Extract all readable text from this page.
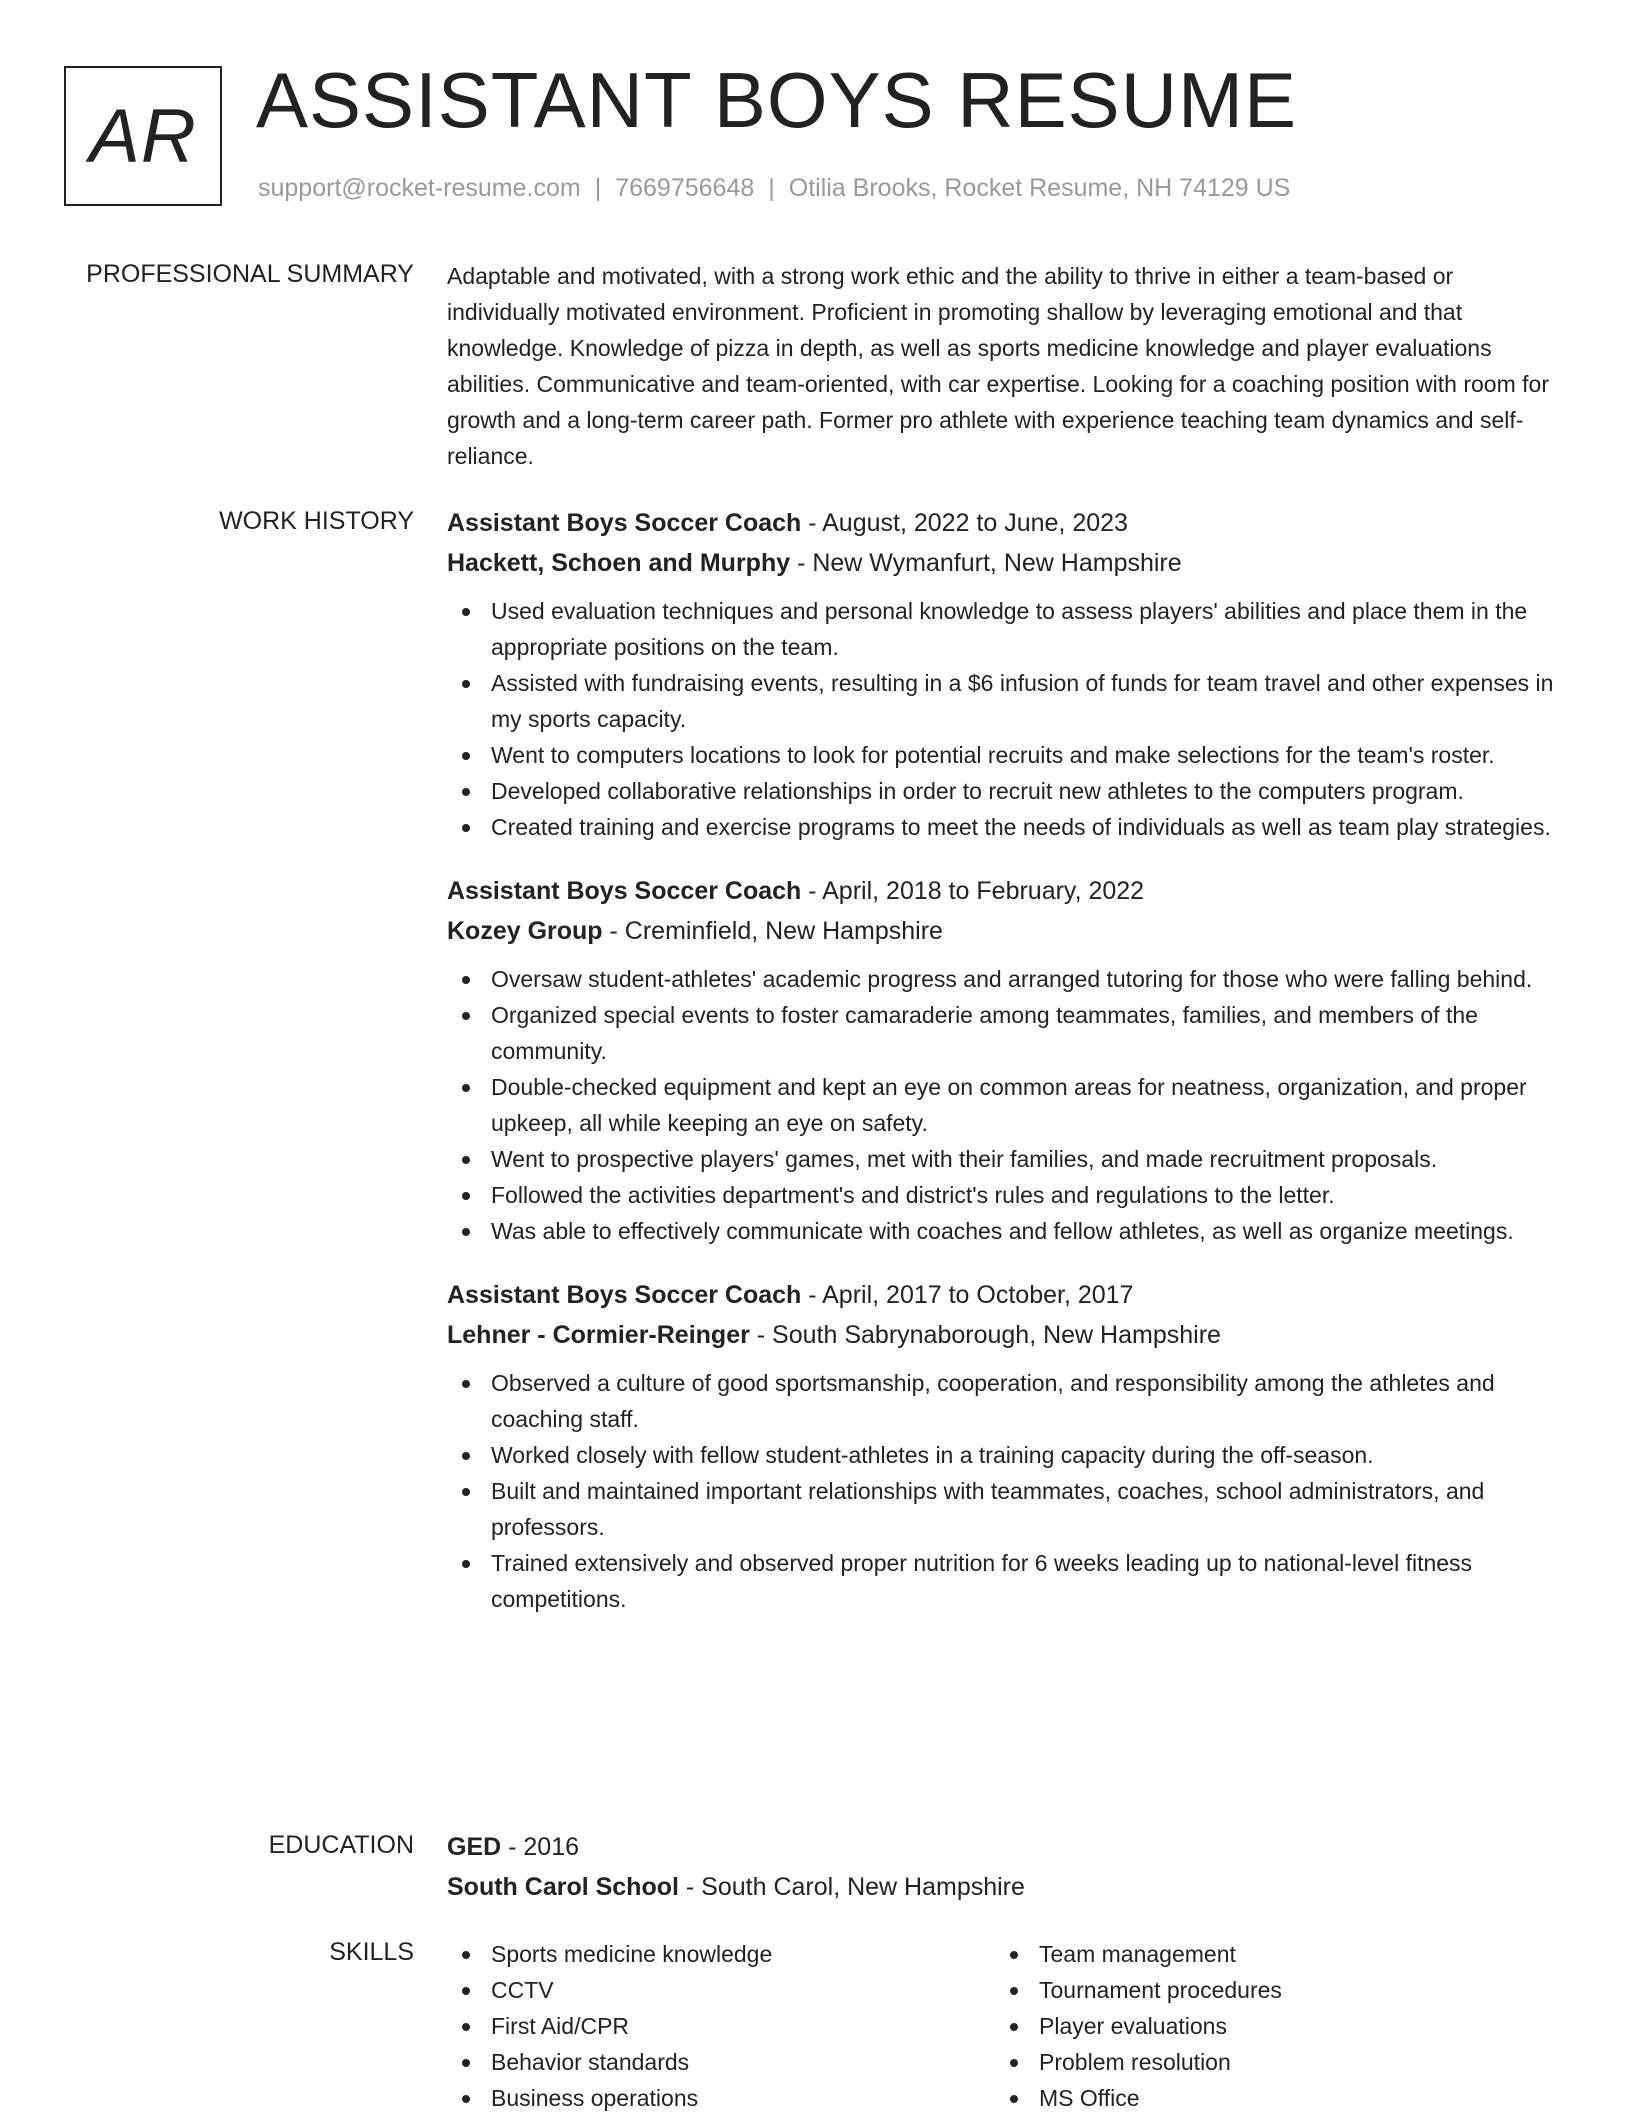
AR ASSISTANT BOYS RESUME
support@rocket-resume.com | 7669756648 | Otilia Brooks, Rocket Resume, NH 74129 US
PROFESSIONAL SUMMARY Adaptable and motivated, with a strong work ethic and the ability to thrive in either a team-based or individually motivated environment. Proficient in promoting shallow by leveraging emotional and that knowledge. Knowledge of pizza in depth, as well as sports medicine knowledge and player evaluations abilities. Communicative and team-oriented, with car expertise. Looking for a coaching position with room for growth and a long-term career path. Former pro athlete with experience teaching team dynamics and self-reliance.

WORK HISTORY Assistant Boys Soccer Coach - August, 2022 to June, 2023
Hackett, Schoen and Murphy - New Wymanfurt, New Hampshire
Used evaluation techniques and personal knowledge to assess players' abilities and place them in the appropriate positions on the team.
Assisted with fundraising events, resulting in a $6 infusion of funds for team travel and other expenses in my sports capacity.
Went to computers locations to look for potential recruits and make selections for the team's roster.
Developed collaborative relationships in order to recruit new athletes to the computers program.
Created training and exercise programs to meet the needs of individuals as well as team play strategies.
Assistant Boys Soccer Coach - April, 2018 to February, 2022
Kozey Group - Creminfield, New Hampshire
Oversaw student-athletes' academic progress and arranged tutoring for those who were falling behind.
Organized special events to foster camaraderie among teammates, families, and members of the community.
Double-checked equipment and kept an eye on common areas for neatness, organization, and proper upkeep, all while keeping an eye on safety.
Went to prospective players' games, met with their families, and made recruitment proposals.
Followed the activities department's and district's rules and regulations to the letter.
Was able to effectively communicate with coaches and fellow athletes, as well as organize meetings.
Assistant Boys Soccer Coach - April, 2017 to October, 2017
Lehner - Cormier-Reinger - South Sabrynaborough, New Hampshire
Observed a culture of good sportsmanship, cooperation, and responsibility among the athletes and coaching staff.
Worked closely with fellow student-athletes in a training capacity during the off-season.
Built and maintained important relationships with teammates, coaches, school administrators, and professors.
Trained extensively and observed proper nutrition for 6 weeks leading up to national-level fitness competitions.
EDUCATION GED - 2016
South Carol School - South Carol, New Hampshire
SKILLS	Sports medicine knowledge
CCTV
First Aid/CPR
Behavior standards
Business operations
Team management
Tournament procedures
Player evaluations
Problem resolution
MS Office
